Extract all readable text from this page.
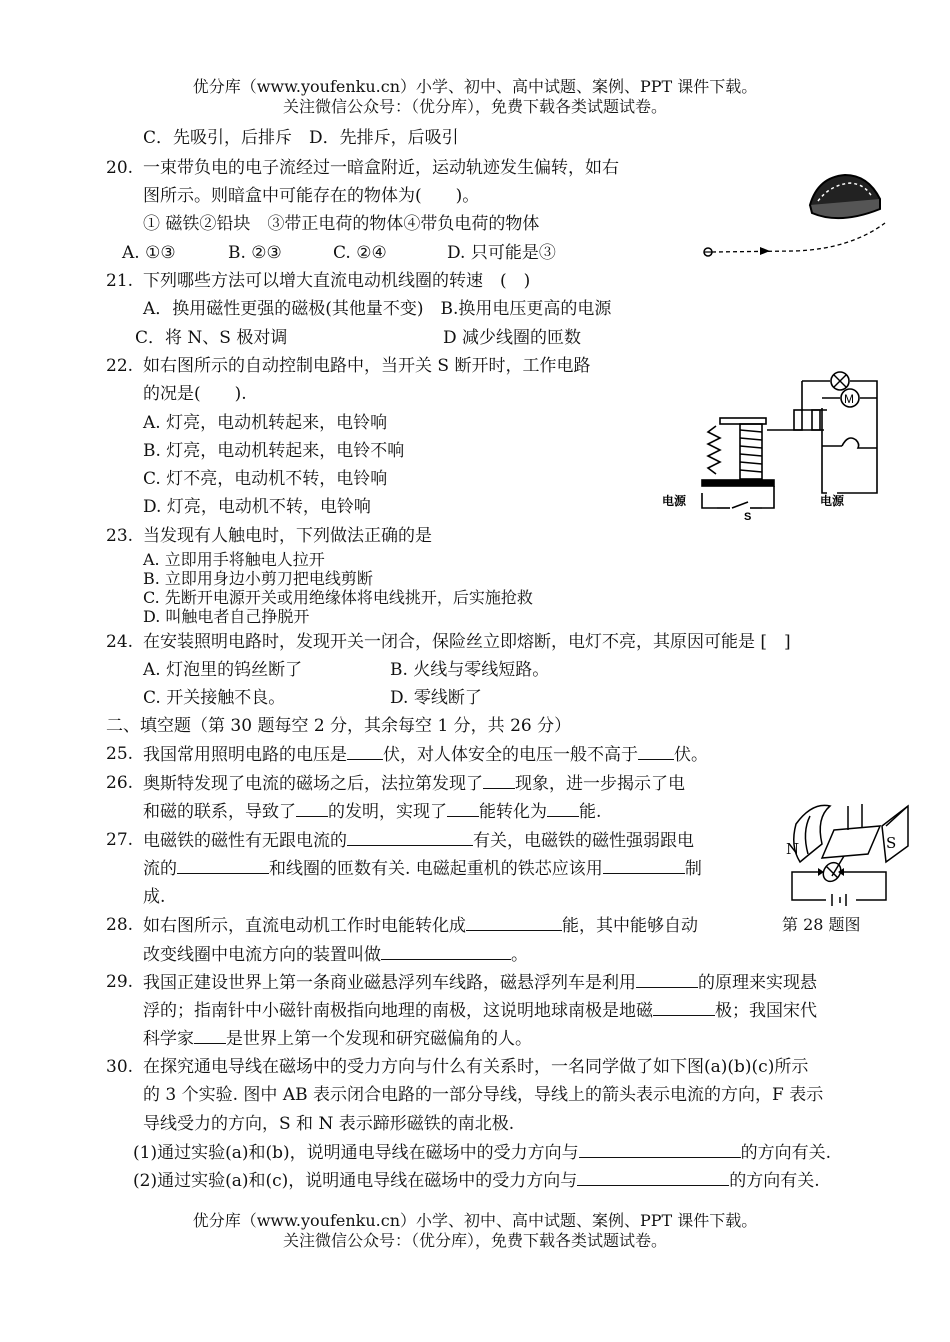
优分库（www.youfenku.cn）小学、初中、高中试题、案例、PPT 课件下载。
关注微信公众号：（优分库），免费下载各类试题试卷。
C．先吸引，后排斥　D．先排斥，后吸引
20. 一束带负电的电子流经过一暗盒附近，运动轨迹发生偏转，如右
图所示。则暗盒中可能存在的物体为(　　)。
① 磁铁②铅块　③带正电荷的物体④带负电荷的物体
A. ①③	B. ②③	C. ②④	D. 只可能是③
21. 下列哪些方法可以增大直流电动机线圈的转速　(　)
A．换用磁性更强的磁极(其他量不变)　B.换用电压更高的电源
C．将 N、S 极对调	D 减少线圈的匝数
22. 如右图所示的自动控制电路中，当开关 S 断开时，工作电路
的况是(　　).
A. 灯亮，电动机转起来，电铃响
B. 灯亮，电动机转起来，电铃不响
C. 灯不亮，电动机不转，电铃响
D. 灯亮，电动机不转，电铃响
M
电源	电源
S
23. 当发现有人触电时，下列做法正确的是
A. 立即用手将触电人拉开
B. 立即用身边小剪刀把电线剪断
C. 先断开电源开关或用绝缘体将电线挑开，后实施抢救
D. 叫触电者自己挣脱开
24. 在安装照明电路时，发现开关一闭合，保险丝立即熔断，电灯不亮，其原因可能是 [　]
A. 灯泡里的钨丝断了	B. 火线与零线短路。
C. 开关接触不良。	D. 零线断了
二、填空题（第 30 题每空 2 分，其余每空 1 分，共 26 分）
25. 我国常用照明电路的电压是 伏，对人体安全的电压一般不高于 伏。
26. 奥斯特发现了电流的磁场之后，法拉第发现了 现象，进一步揭示了电
和磁的联系，导致了 的发明，实现了 能转化为 能.
27. 电磁铁的磁性有无跟电流的	有关，电磁铁的磁性强弱跟电
流的	和线圈的匝数有关. 电磁起重机的铁芯应该用	制
成.
28. 如右图所示，直流电动机工作时电能转化成	能，其中能够自动
改变线圈中电流方向的装置叫做	。
N	S
第 28 题图
29. 我国正建设世界上第一条商业磁悬浮列车线路，磁悬浮列车是利用	的原理来实现悬
浮的；指南针中小磁针南极指向地理的南极，这说明地球南极是地磁	极；我国宋代
科学家 是世界上第一个发现和研究磁偏角的人。
30. 在探究通电导线在磁场中的受力方向与什么有关系时，一名同学做了如下图(a)(b)(c)所示
的 3 个实验. 图中 AB 表示闭合电路的一部分导线，导线上的箭头表示电流的方向，F 表示
导线受力的方向，S 和 N 表示蹄形磁铁的南北极.
(1)通过实验(a)和(b)，说明通电导线在磁场中的受力方向与	的方向有关.
(2)通过实验(a)和(c)，说明通电导线在磁场中的受力方向与	的方向有关.
优分库（www.youfenku.cn）小学、初中、高中试题、案例、PPT 课件下载。
关注微信公众号：（优分库），免费下载各类试题试卷。
